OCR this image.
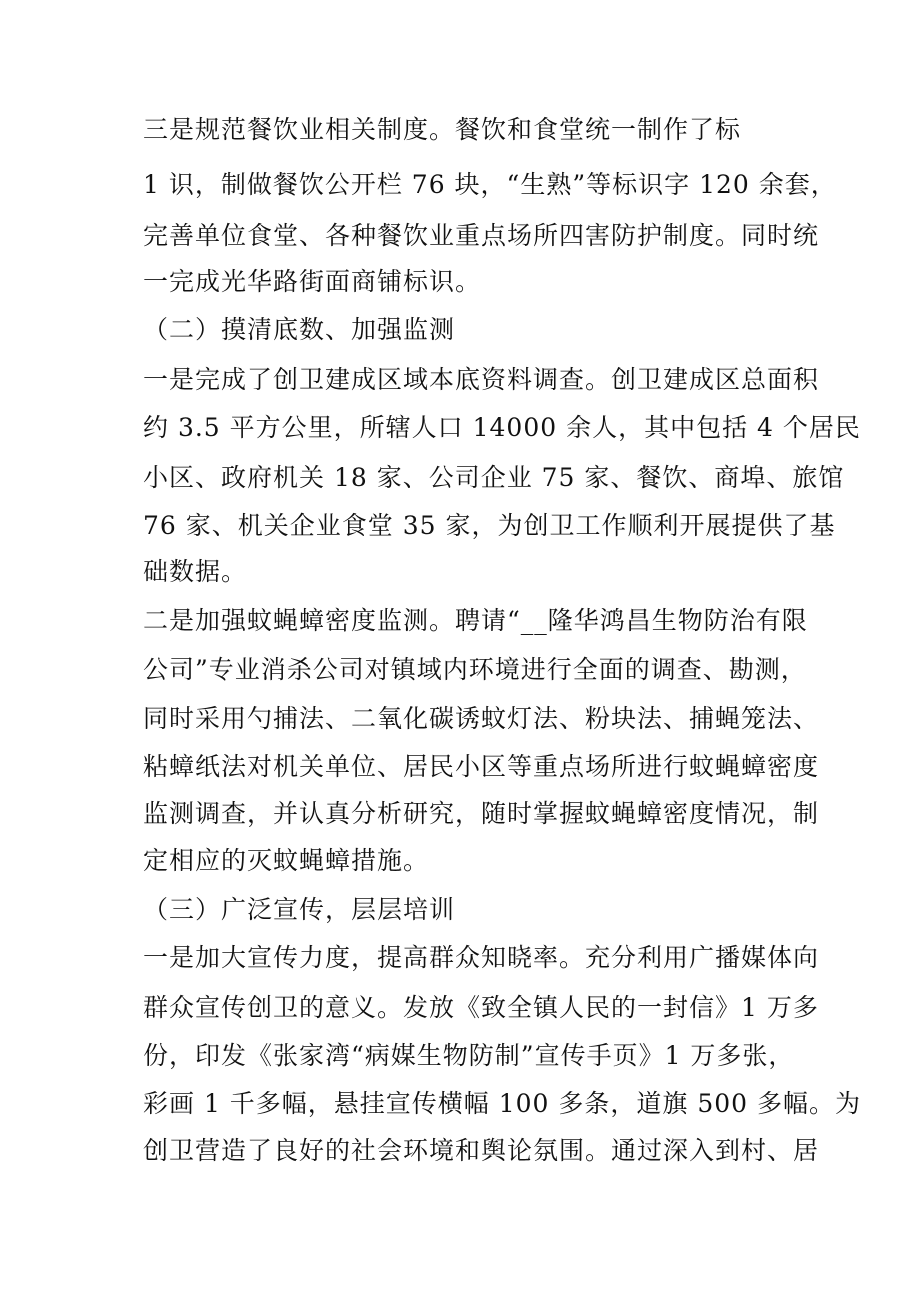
三是规范餐饮业相关制度。餐饮和食堂统一制作了标
1 识，制做餐饮公开栏 76 块，“生熟”等标识字 120 余套，
完善单位食堂、各种餐饮业重点场所四害防护制度。同时统
一完成光华路街面商铺标识。
（二）摸清底数、加强监测
一是完成了创卫建成区域本底资料调查。创卫建成区总面积
约 3.5 平方公里，所辖人口 14000 余人，其中包括 4 个居民
小区、政府机关 18 家、公司企业 75 家、餐饮、商埠、旅馆
76 家、机关企业食堂 35 家，为创卫工作顺利开展提供了基
础数据。
二是加强蚊蝇蟑密度监测。聘请“__隆华鸿昌生物防治有限
公司”专业消杀公司对镇域内环境进行全面的调查、勘测，
同时采用勺捕法、二氧化碳诱蚊灯法、粉块法、捕蝇笼法、
粘蟑纸法对机关单位、居民小区等重点场所进行蚊蝇蟑密度
监测调查，并认真分析研究，随时掌握蚊蝇蟑密度情况，制
定相应的灭蚊蝇蟑措施。
（三）广泛宣传，层层培训
一是加大宣传力度，提高群众知晓率。充分利用广播媒体向
群众宣传创卫的意义。发放《致全镇人民的一封信》1 万多
份，印发《张家湾“病媒生物防制”宣传手页》1 万多张，
彩画 1 千多幅，悬挂宣传横幅 100 多条，道旗 500 多幅。为
创卫营造了良好的社会环境和舆论氛围。通过深入到村、居
